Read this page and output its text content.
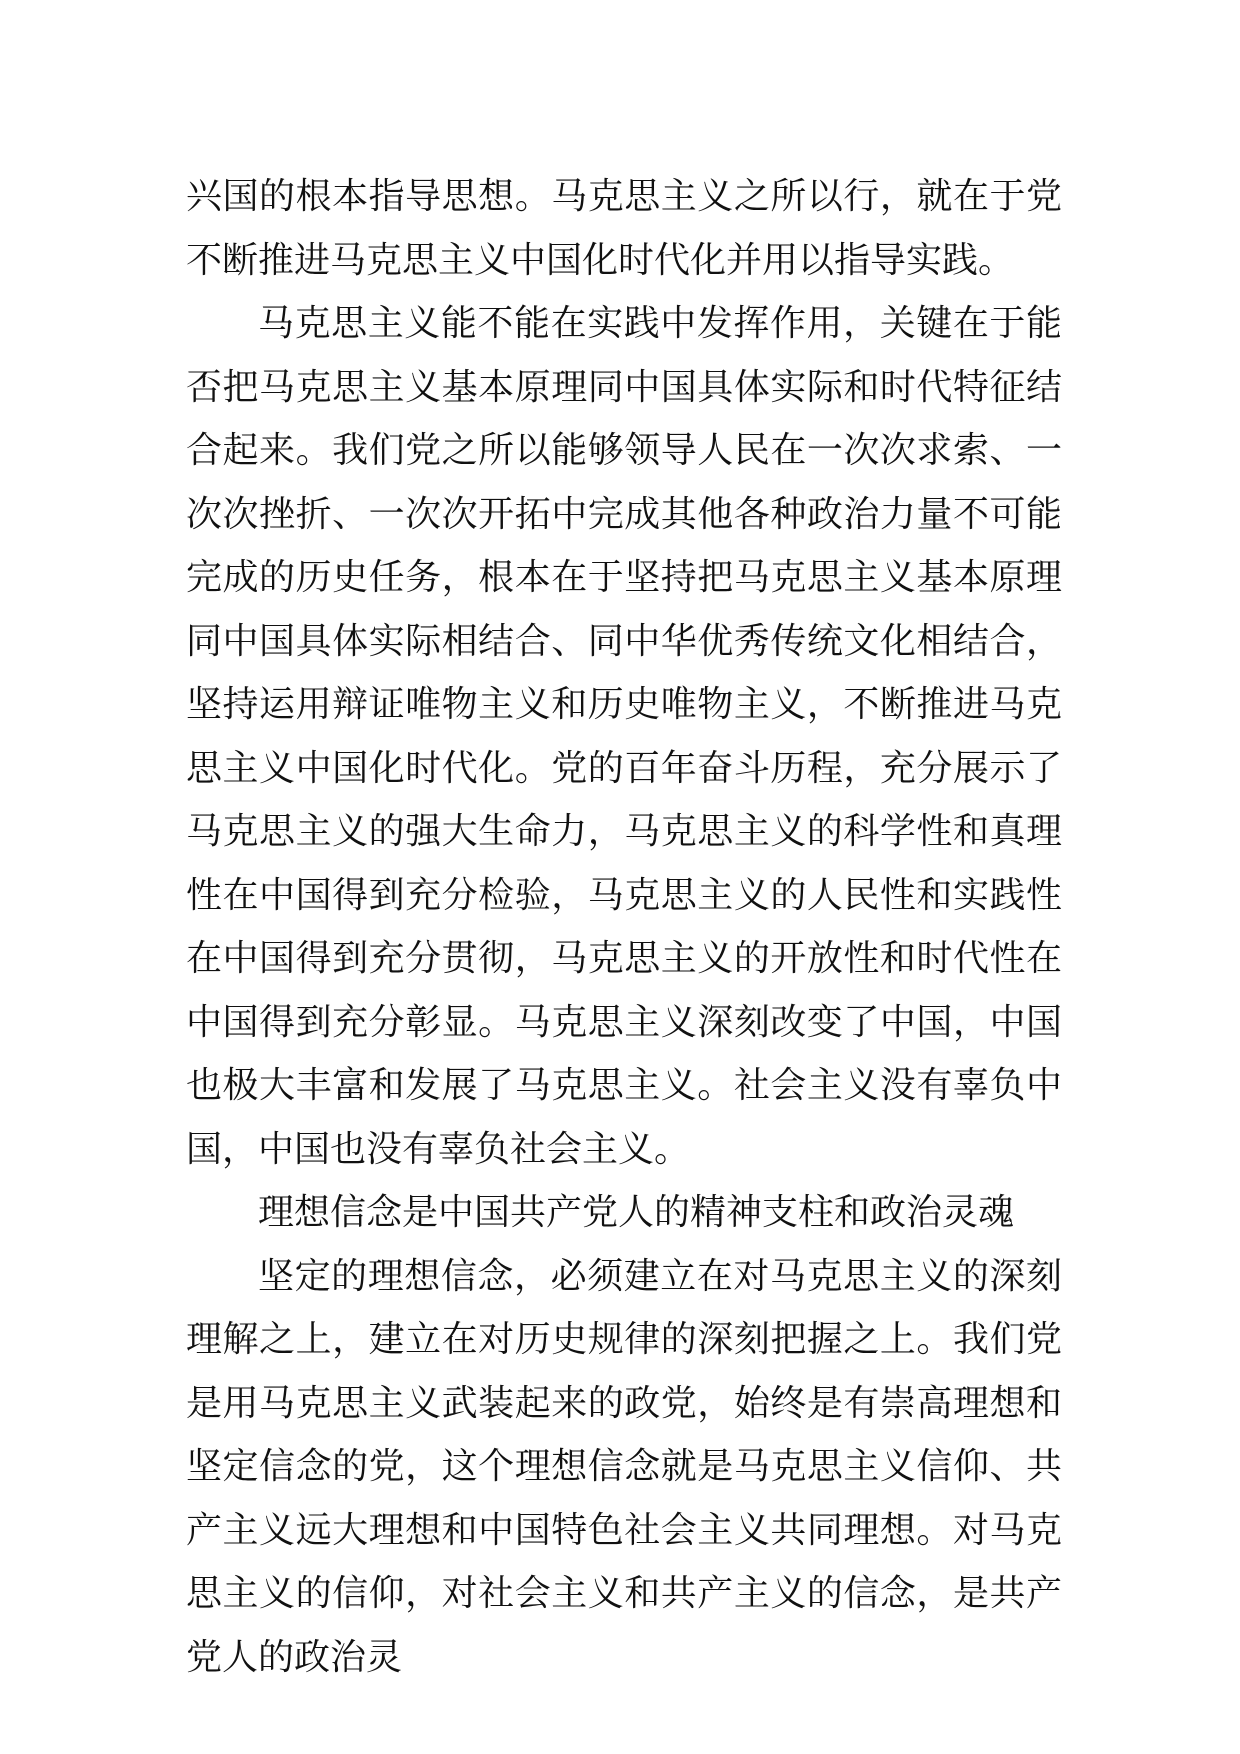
兴国的根本指导思想。马克思主义之所以行，就在于党不断推进马克思主义中国化时代化并用以指导实践。

马克思主义能不能在实践中发挥作用，关键在于能否把马克思主义基本原理同中国具体实际和时代特征结合起来。我们党之所以能够领导人民在一次次求索、一次次挫折、一次次开拓中完成其他各种政治力量不可能完成的历史任务，根本在于坚持把马克思主义基本原理同中国具体实际相结合、同中华优秀传统文化相结合，坚持运用辩证唯物主义和历史唯物主义，不断推进马克思主义中国化时代化。党的百年奋斗历程，充分展示了马克思主义的强大生命力，马克思主义的科学性和真理性在中国得到充分检验，马克思主义的人民性和实践性在中国得到充分贯彻，马克思主义的开放性和时代性在中国得到充分彰显。马克思主义深刻改变了中国，中国也极大丰富和发展了马克思主义。社会主义没有辜负中国，中国也没有辜负社会主义。

理想信念是中国共产党人的精神支柱和政治灵魂

坚定的理想信念，必须建立在对马克思主义的深刻理解之上，建立在对历史规律的深刻把握之上。我们党是用马克思主义武装起来的政党，始终是有崇高理想和坚定信念的党，这个理想信念就是马克思主义信仰、共产主义远大理想和中国特色社会主义共同理想。对马克思主义的信仰，对社会主义和共产主义的信念，是共产党人的政治灵
